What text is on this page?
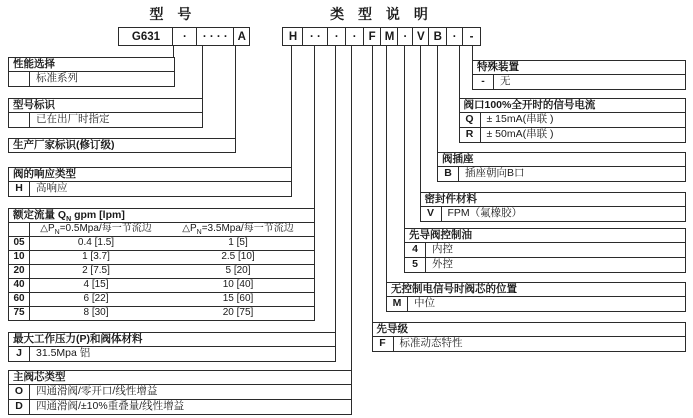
型 号	类 型 说 明
G631	·	· · · · A	H	· ·	·	·	F M · V B ·	-
性能选择
标准系列
型号标识
已在出厂时指定
生产厂家标识(修订级)
阀的响应类型
H	高响应
额定流量 $Q_N$ gpm [lpm]
$\triangle P_N=0.5Mpa/$每一节流边	$\triangle P_N=3.5Mpa/$每一节流边
05	0.4 [1.5]	1 [5]
10	1 [3.7]	2.5 [10]
20	2 [7.5]	5 [20]
40	4 [15]	10 [40]
60	6 [22]	15 [60]
75	8 [30]	20 [75]
最大工作压力(P)和阀体材料
J	31.5Mpa 铝
主阀芯类型
O	四通滑阀/零开口/线性增益
D	四通滑阀/±10%重叠量/线性增益
特殊装置
-	无
阀口100%全开时的信号电流
Q	± 15mA(串联 )
R	± 50mA(串联 )
阀插座
B	插座朝向B口
密封件材料
V	FPM（氟橡胶）
先导阀控制油
4	内控
5	外控
无控制电信号时阀芯的位置
M	中位
先导级
F	标准动态特性
